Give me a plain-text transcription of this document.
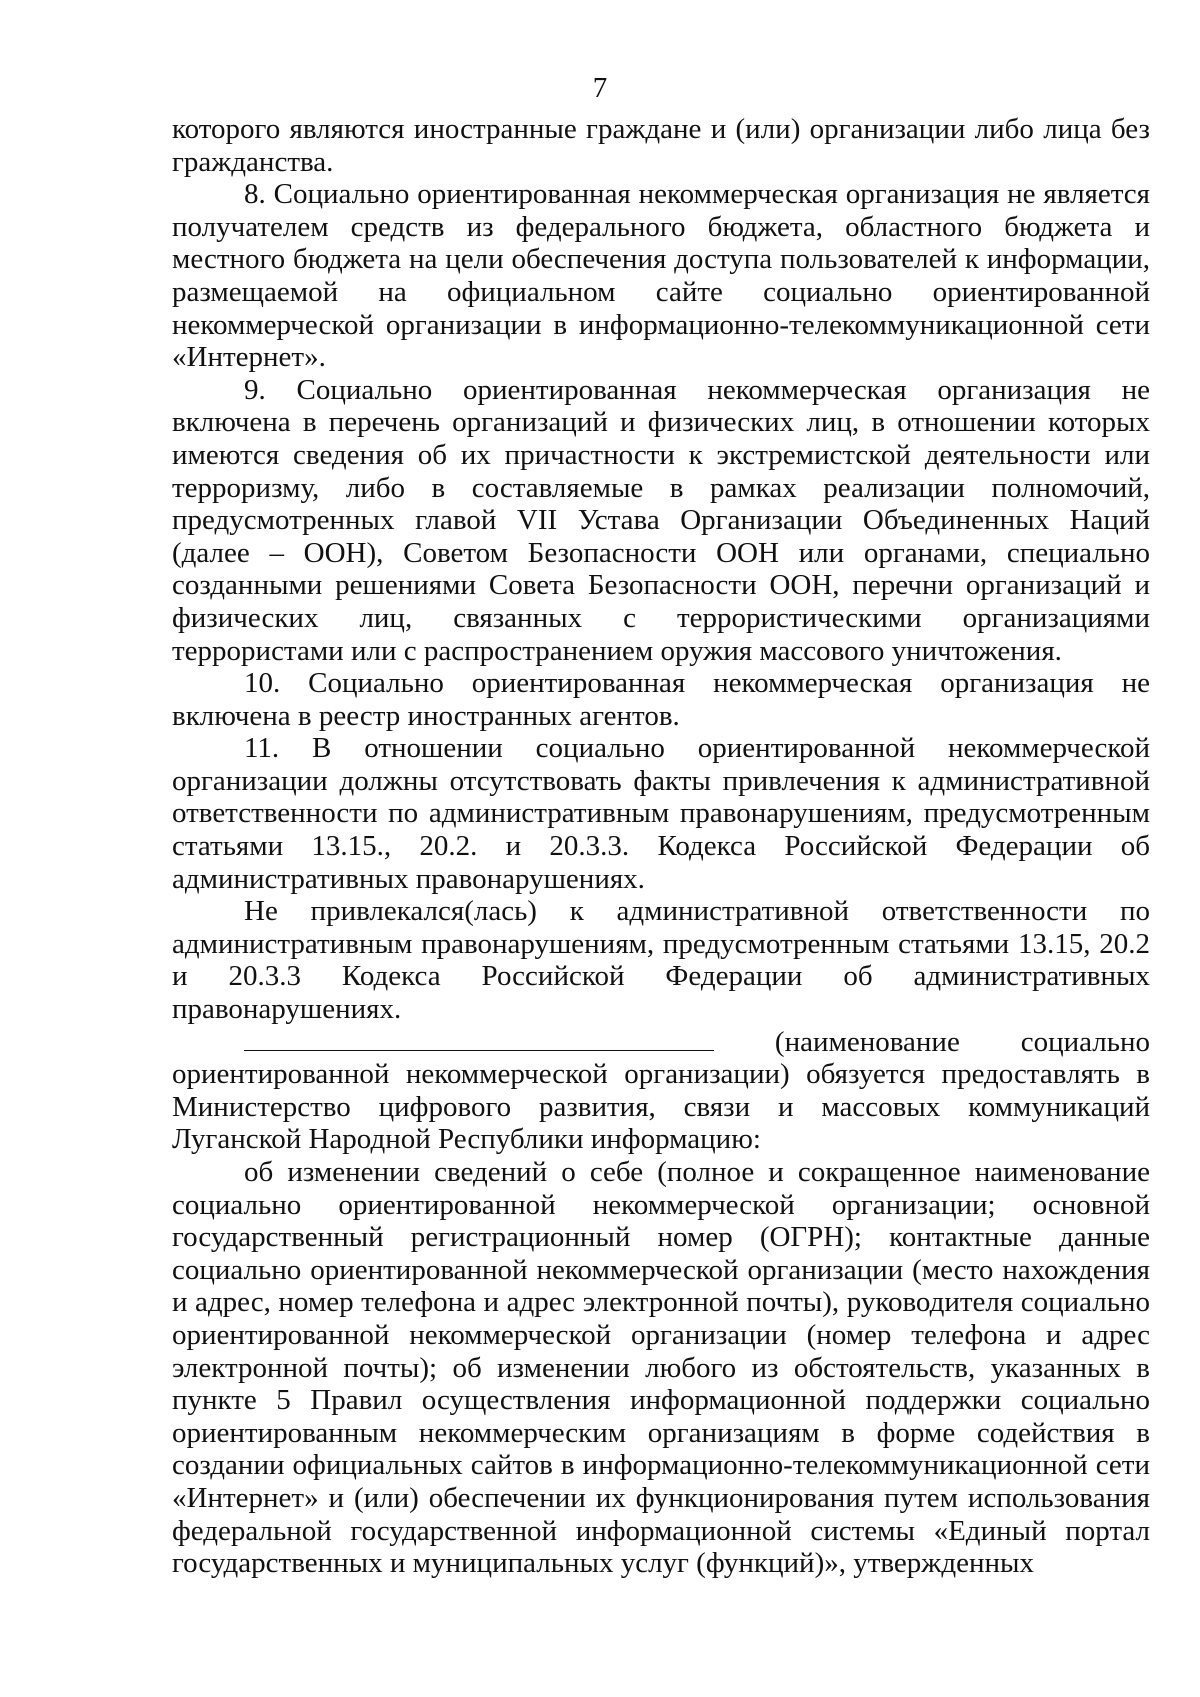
7

которого являются иностранные граждане и (или) организации либо лица без гражданства.

8. Социально ориентированная некоммерческая организация не является получателем средств из федерального бюджета, областного бюджета и местного бюджета на цели обеспечения доступа пользователей к информации, размещаемой на официальном сайте социально ориентированной некоммерческой организации в информационно-телекоммуникационной сети «Интернет».

9. Социально ориентированная некоммерческая организация не включена в перечень организаций и физических лиц, в отношении которых имеются сведения об их причастности к экстремистской деятельности или терроризму, либо в составляемые в рамках реализации полномочий, предусмотренных главой VII Устава Организации Объединенных Наций (далее – ООН), Советом Безопасности ООН или органами, специально созданными решениями Совета Безопасности ООН, перечни организаций и физических лиц, связанных с террористическими организациями террористами или с распространением оружия массового уничтожения.

10. Социально ориентированная некоммерческая организация не включена в реестр иностранных агентов.

11. В отношении социально ориентированной некоммерческой организации должны отсутствовать факты привлечения к административной ответственности по административным правонарушениям, предусмотренным статьями 13.15., 20.2. и 20.3.3. Кодекса Российской Федерации об административных правонарушениях.

Не привлекался(лась) к административной ответственности по административным правонарушениям, предусмотренным статьями 13.15, 20.2 и 20.3.3 Кодекса Российской Федерации об административных правонарушениях.

(наименование социально ориентированной некоммерческой организации) обязуется предоставлять в Министерство цифрового развития, связи и массовых коммуникаций Луганской Народной Республики информацию:

об изменении сведений о себе (полное и сокращенное наименование социально ориентированной некоммерческой организации; основной государственный регистрационный номер (ОГРН); контактные данные социально ориентированной некоммерческой организации (место нахождения и адрес, номер телефона и адрес электронной почты), руководителя социально ориентированной некоммерческой организации (номер телефона и адрес электронной почты); об изменении любого из обстоятельств, указанных в пункте 5 Правил осуществления информационной поддержки социально ориентированным некоммерческим организациям в форме содействия в создании официальных сайтов в информационно-телекоммуникационной сети «Интернет» и (или) обеспечении их функционирования путем использования федеральной государственной информационной системы «Единый портал государственных и муниципальных услуг (функций)», утвержденных
